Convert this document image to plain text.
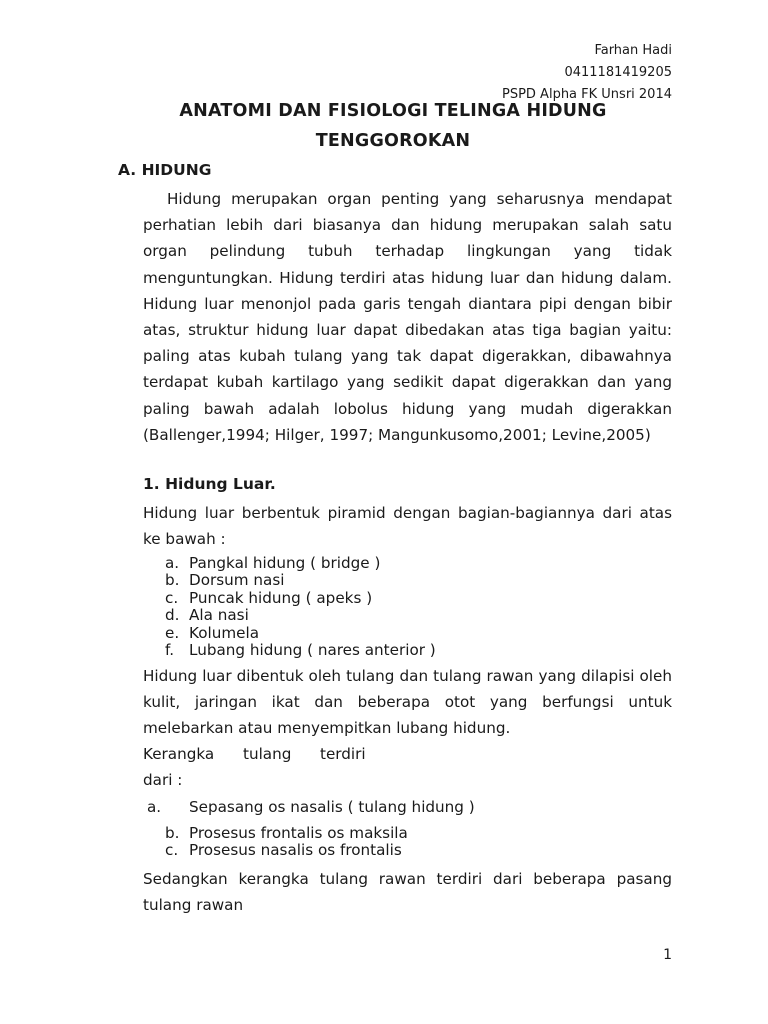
Farhan Hadi
0411181419205
PSPD Alpha FK Unsri 2014
ANATOMI DAN FISIOLOGI TELINGA HIDUNG
TENGGOROKAN
A. HIDUNG
Hidung merupakan organ penting yang seharusnya mendapat perhatian lebih dari biasanya dan hidung merupakan salah satu organ pelindung tubuh terhadap lingkungan yang tidak menguntungkan. Hidung terdiri atas hidung luar dan hidung dalam. Hidung luar menonjol pada garis tengah diantara pipi dengan bibir atas, struktur hidung luar dapat dibedakan atas tiga bagian yaitu: paling atas kubah tulang yang tak dapat digerakkan, dibawahnya terdapat kubah kartilago yang sedikit dapat digerakkan dan yang paling bawah adalah lobolus hidung yang mudah digerakkan (Ballenger,1994; Hilger, 1997; Mangunkusomo,2001; Levine,2005)
1. Hidung Luar.
Hidung luar berbentuk piramid dengan bagian-bagiannya dari atas ke bawah :
a. Pangkal hidung ( bridge )
b. Dorsum nasi
c. Puncak hidung ( apeks )
d. Ala nasi
e. Kolumela
f. Lubang hidung ( nares anterior )
Hidung luar dibentuk oleh tulang dan tulang rawan yang dilapisi oleh kulit, jaringan ikat dan beberapa otot yang berfungsi untuk melebarkan atau menyempitkan lubang hidung.
Kerangka tulang terdiri
dari :
a. Sepasang os nasalis ( tulang hidung )
b. Prosesus frontalis os maksila
c. Prosesus nasalis os frontalis
Sedangkan kerangka tulang rawan terdiri dari beberapa pasang tulang rawan
1
